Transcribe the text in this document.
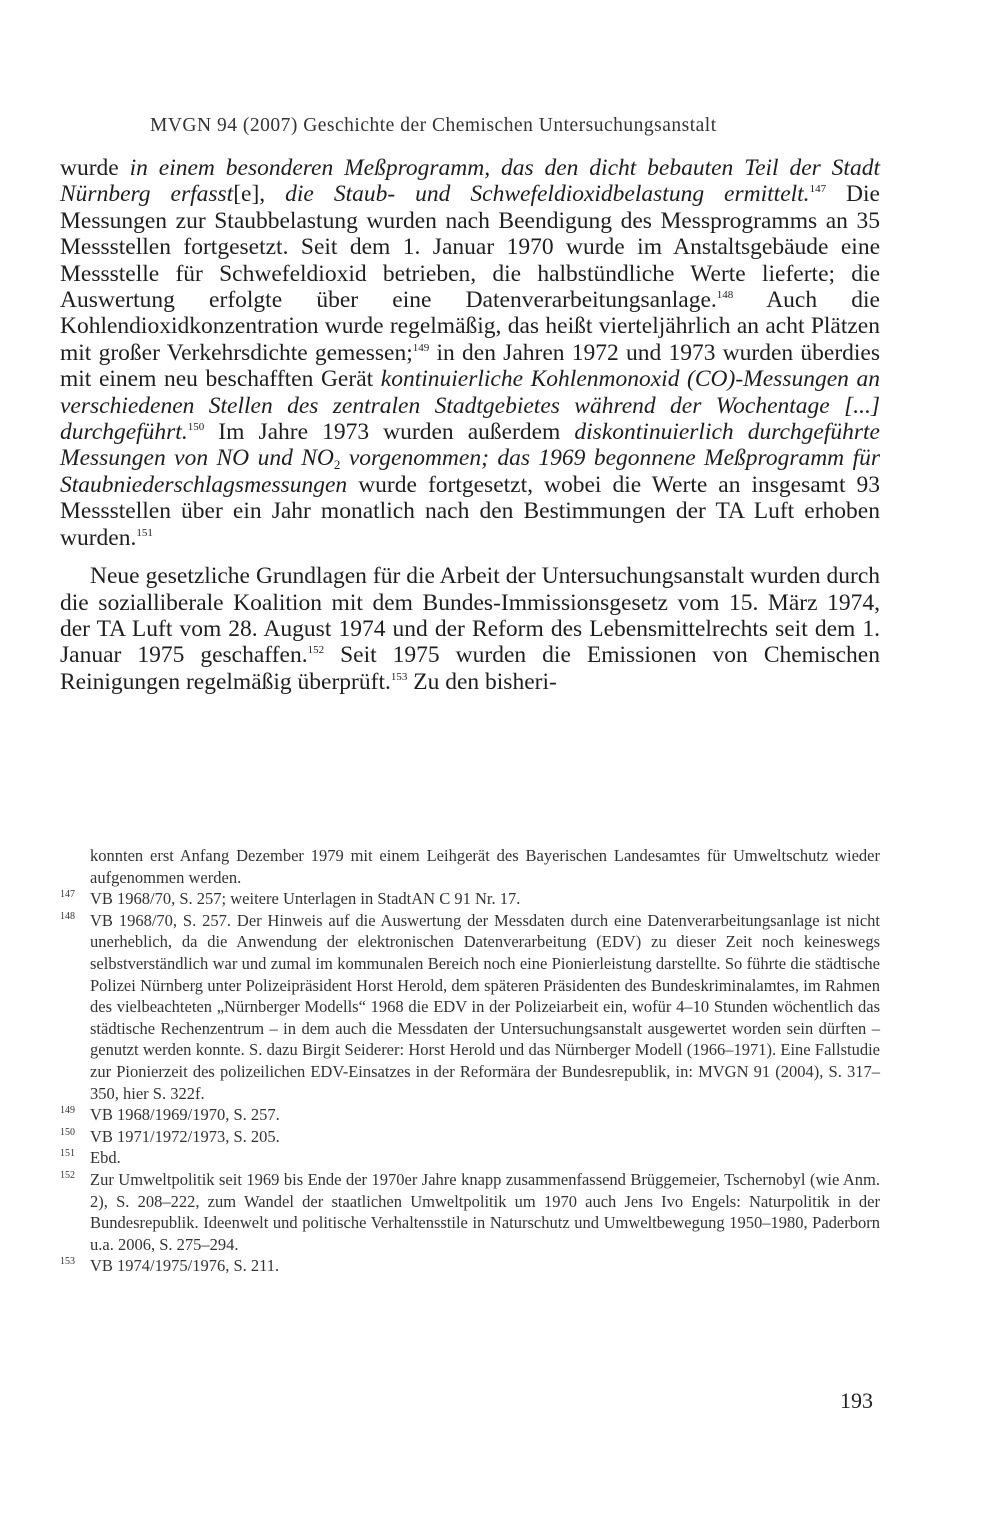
MVGN 94 (2007) Geschichte der Chemischen Untersuchungsanstalt

wurde in einem besonderen Meßprogramm, das den dicht bebauten Teil der Stadt Nürnberg erfasst[e], die Staub- und Schwefeldioxidbelastung ermittelt.$^{147}$ Die Messungen zur Staubbelastung wurden nach Beendigung des Messprogramms an 35 Messstellen fortgesetzt. Seit dem 1. Januar 1970 wurde im Anstaltsgebäude eine Messstelle für Schwefeldioxid betrieben, die halbstündliche Werte lieferte; die Auswertung erfolgte über eine Datenverarbeitungsanlage.$^{148}$ Auch die Kohlendioxidkonzentration wurde regelmäßig, das heißt vierteljährlich an acht Plätzen mit großer Verkehrsdichte gemessen;$^{149}$ in den Jahren 1972 und 1973 wurden überdies mit einem neu beschafften Gerät kontinuierliche Kohlenmonoxid (CO)-Messungen an verschiedenen Stellen des zentralen Stadtgebietes während der Wochentage [...] durchgeführt.$^{150}$ Im Jahre 1973 wurden außerdem diskontinuierlich durchgeführte Messungen von NO und $NO_2$ vorgenommen; das 1969 begonnene Meßprogramm für Staubniederschlagsmessungen wurde fortgesetzt, wobei die Werte an insgesamt 93 Messstellen über ein Jahr monatlich nach den Bestimmungen der TA Luft erhoben wurden.$^{151}$

Neue gesetzliche Grundlagen für die Arbeit der Untersuchungsanstalt wurden durch die sozialliberale Koalition mit dem Bundes-Immissionsgesetz vom 15. März 1974, der TA Luft vom 28. August 1974 und der Reform des Lebensmittelrechts seit dem 1. Januar 1975 geschaffen.$^{152}$ Seit 1975 wurden die Emissionen von Chemischen Reinigungen regelmäßig überprüft.$^{153}$ Zu den bisheri-

konnten erst Anfang Dezember 1979 mit einem Leihgerät des Bayerischen Landesamtes für Umweltschutz wieder aufgenommen werden.
147 VB 1968/70, S. 257; weitere Unterlagen in StadtAN C 91 Nr. 17.
148 VB 1968/70, S. 257. Der Hinweis auf die Auswertung der Messdaten durch eine Datenverarbeitungsanlage ist nicht unerheblich, da die Anwendung der elektronischen Datenverarbeitung (EDV) zu dieser Zeit noch keineswegs selbstverständlich war und zumal im kommunalen Bereich noch eine Pionierleistung darstellte. So führte die städtische Polizei Nürnberg unter Polizeipräsident Horst Herold, dem späteren Präsidenten des Bundeskriminalamtes, im Rahmen des vielbeachteten „Nürnberger Modells“ 1968 die EDV in der Polizeiarbeit ein, wofür 4–10 Stunden wöchentlich das städtische Rechenzentrum – in dem auch die Messdaten der Untersuchungsanstalt ausgewertet worden sein dürften – genutzt werden konnte. S. dazu Birgit Seiderer: Horst Herold und das Nürnberger Modell (1966–1971). Eine Fallstudie zur Pionierzeit des polizeilichen EDV-Einsatzes in der Reformära der Bundesrepublik, in: MVGN 91 (2004), S. 317–350, hier S. 322f.
149 VB 1968/1969/1970, S. 257.
150 VB 1971/1972/1973, S. 205.
151 Ebd.
152 Zur Umweltpolitik seit 1969 bis Ende der 1970er Jahre knapp zusammenfassend Brüggemeier, Tschernobyl (wie Anm. 2), S. 208–222, zum Wandel der staatlichen Umweltpolitik um 1970 auch Jens Ivo Engels: Naturpolitik in der Bundesrepublik. Ideenwelt und politische Verhaltensstile in Naturschutz und Umweltbewegung 1950–1980, Paderborn u.a. 2006, S. 275–294.
153 VB 1974/1975/1976, S. 211.
193
